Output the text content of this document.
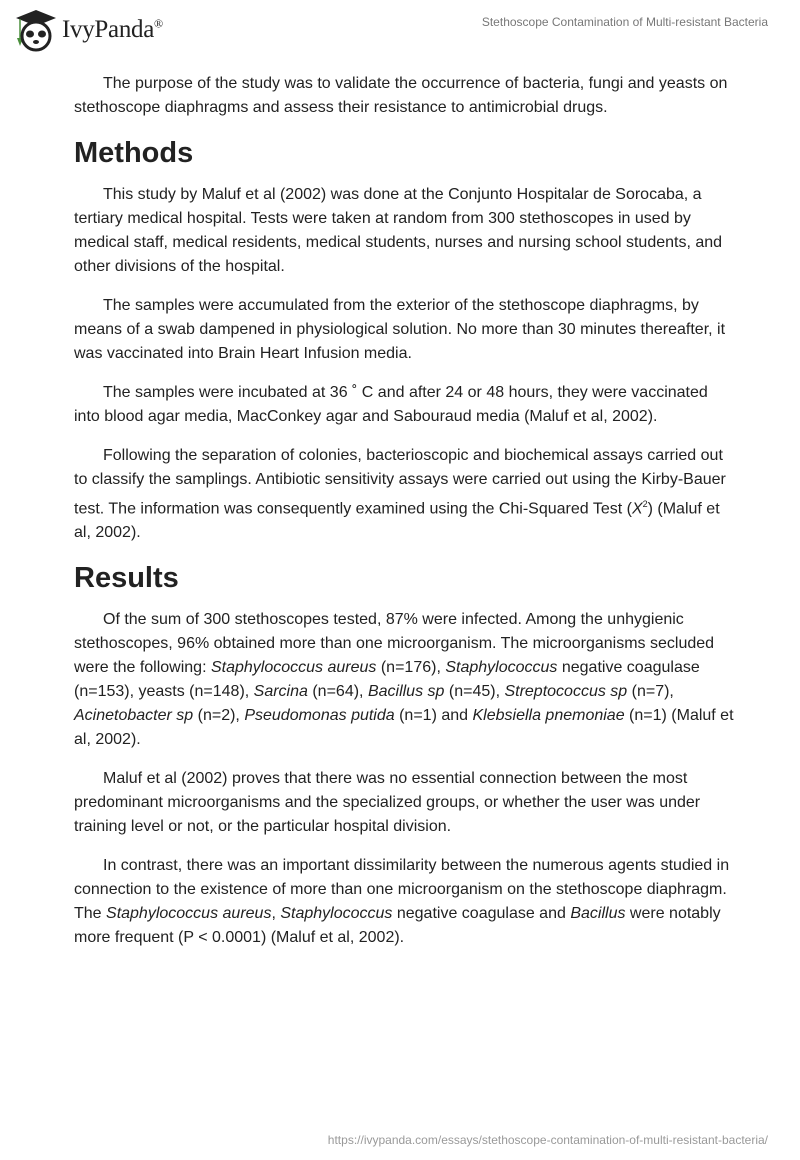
IvyPanda®	Stethoscope Contamination of Multi-resistant Bacteria

The purpose of the study was to validate the occurrence of bacteria, fungi and yeasts on stethoscope diaphragms and assess their resistance to antimicrobial drugs.

Methods

This study by Maluf et al (2002) was done at the Conjunto Hospitalar de Sorocaba, a tertiary medical hospital. Tests were taken at random from 300 stethoscopes in used by medical staff, medical residents, medical students, nurses and nursing school students, and other divisions of the hospital.

The samples were accumulated from the exterior of the stethoscope diaphragms, by means of a swab dampened in physiological solution. No more than 30 minutes thereafter, it was vaccinated into Brain Heart Infusion media.

The samples were incubated at 36 ˚ C and after 24 or 48 hours, they were vaccinated into blood agar media, MacConkey agar and Sabouraud media (Maluf et al, 2002).

Following the separation of colonies, bacterioscopic and biochemical assays carried out to classify the samplings. Antibiotic sensitivity assays were carried out using the Kirby-Bauer test. The information was consequently examined using the Chi-Squared Test $(X^2)$ (Maluf et al, 2002).

Results

Of the sum of 300 stethoscopes tested, 87% were infected. Among the unhygienic stethoscopes, 96% obtained more than one microorganism. The microorganisms secluded were the following: Staphylococcus aureus (n=176), Staphylococcus negative coagulase (n=153), yeasts (n=148), Sarcina (n=64), Bacillus sp (n=45), Streptococcus sp (n=7), Acinetobacter sp (n=2), Pseudomonas putida (n=1) and Klebsiella pnemoniae (n=1) (Maluf et al, 2002).

Maluf et al (2002) proves that there was no essential connection between the most predominant microorganisms and the specialized groups, or whether the user was under training level or not, or the particular hospital division.

In contrast, there was an important dissimilarity between the numerous agents studied in connection to the existence of more than one microorganism on the stethoscope diaphragm. The Staphylococcus aureus, Staphylococcus negative coagulase and Bacillus were notably more frequent (P < 0.0001) (Maluf et al, 2002).

https://ivypanda.com/essays/stethoscope-contamination-of-multi-resistant-bacteria/
